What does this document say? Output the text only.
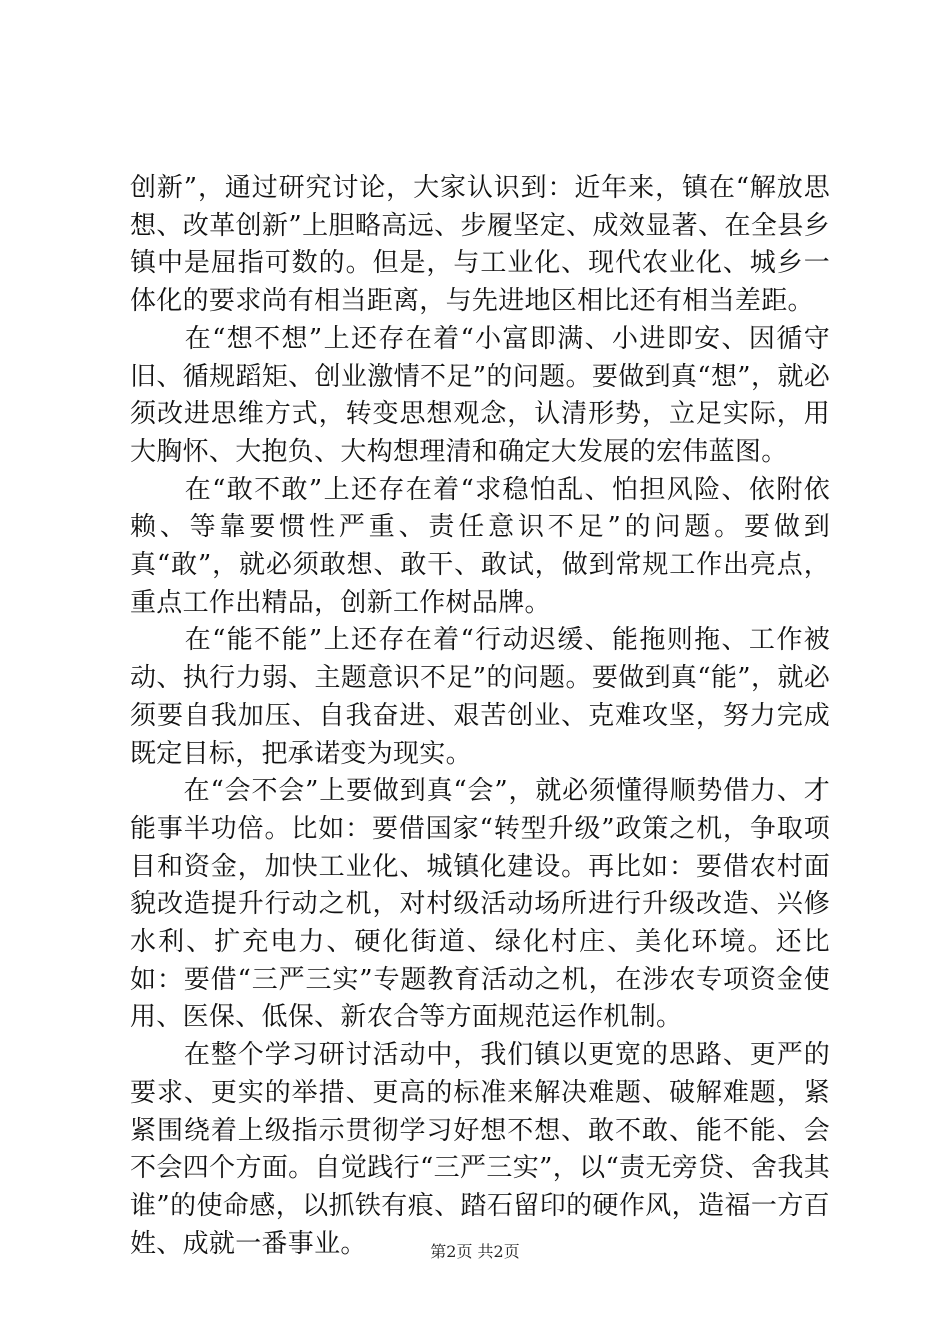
创新”，通过研究讨论，大家认识到：近年来，镇在“解放思想、改革创新”上胆略高远、步履坚定、成效显著、在全县乡镇中是屈指可数的。但是，与工业化、现代农业化、城乡一体化的要求尚有相当距离，与先进地区相比还有相当差距。

　　在“想不想”上还存在着“小富即满、小进即安、因循守旧、循规蹈矩、创业激情不足”的问题。要做到真“想”，就必须改进思维方式，转变思想观念，认清形势，立足实际，用大胸怀、大抱负、大构想理清和确定大发展的宏伟蓝图。

　　在“敢不敢”上还存在着“求稳怕乱、怕担风险、依附依赖、等靠要惯性严重、责任意识不足”的问题。要做到真“敢”，就必须敢想、敢干、敢试，做到常规工作出亮点，重点工作出精品，创新工作树品牌。

　　在“能不能”上还存在着“行动迟缓、能拖则拖、工作被动、执行力弱、主题意识不足”的问题。要做到真“能”，就必须要自我加压、自我奋进、艰苦创业、克难攻坚，努力完成既定目标，把承诺变为现实。

　　在“会不会”上要做到真“会”，就必须懂得顺势借力、才能事半功倍。比如：要借国家“转型升级”政策之机，争取项目和资金，加快工业化、城镇化建设。再比如：要借农村面貌改造提升行动之机，对村级活动场所进行升级改造、兴修水利、扩充电力、硬化街道、绿化村庄、美化环境。还比如：要借“三严三实”专题教育活动之机，在涉农专项资金使用、医保、低保、新农合等方面规范运作机制。

　　在整个学习研讨活动中，我们镇以更宽的思路、更严的要求、更实的举措、更高的标准来解决难题、破解难题，紧紧围绕着上级指示贯彻学习好想不想、敢不敢、能不能、会不会四个方面。自觉践行“三严三实”，以“责无旁贷、舍我其谁”的使命感，以抓铁有痕、踏石留印的硬作风，造福一方百姓、成就一番事业。	第2页 共2页
